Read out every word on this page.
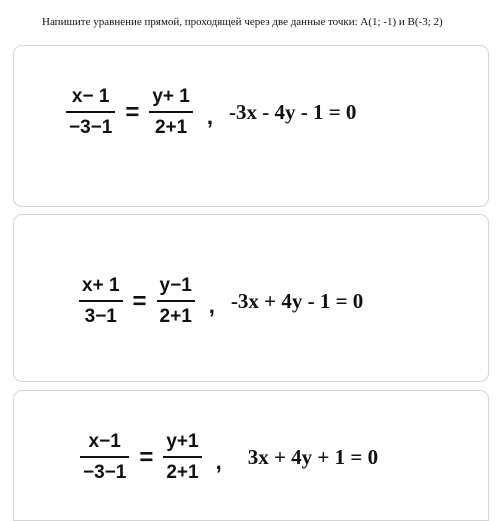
Напишите уравнение прямой, проходящей через две данные точки: A(1; -1) и B(-3; 2)
$\frac{x- 1}{-3-1} = \frac{y+ 1}{2+1}$ , -3x - 4y - 1 = 0
$\frac{x+ 1}{3-1} = \frac{y-1}{2+1}$ , -3x + 4y - 1 = 0
$\frac{x-1}{-3-1} = \frac{y+1}{2+1}$ , 3x + 4y + 1 = 0
